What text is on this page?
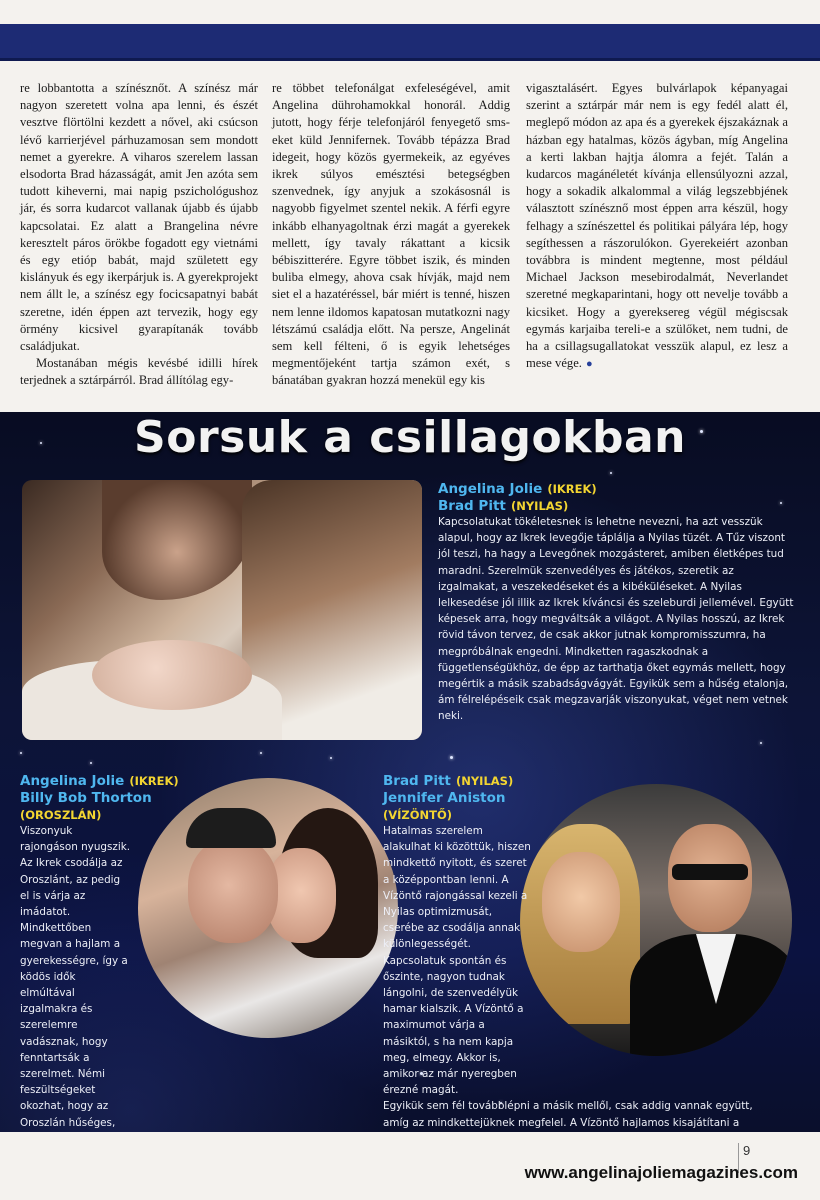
re lobbantotta a színésznőt. A színész már nagyon szeretett volna apa lenni, és észét vesztve flörtölni kezdett a nővel, aki csúcson lévő karrierjével párhuzamosan sem mondott nemet a gyerekre. A viharos szerelem lassan elsodorta Brad házasságát, amit Jen azóta sem tudott kiheverni, mai napig pszichológushoz jár, és sorra kudarcot vallanak újabb és újabb kapcsolatai. Ez alatt a Brangelina névre keresztelt páros örökbe fogadott egy vietnámi és egy etióp babát, majd született egy kislányuk és egy ikerpárjuk is. A gyerekprojekt nem állt le, a színész egy focicsapatnyi babát szeretne, idén éppen azt tervezik, hogy egy örmény kicsivel gyarapítanák tovább családjukat.

Mostanában mégis kevésbé idilli hírek terjednek a sztárpárról. Brad állítólag egy-

re többet telefonálgat exfeleségével, amit Angelina dührohamokkal honorál. Addig jutott, hogy férje telefonjáról fenyegető sms-eket küld Jennifernek. Tovább tépázza Brad idegeit, hogy közös gyermekeik, az egyéves ikrek súlyos emésztési betegségben szenvednek, így anyjuk a szokásosnál is nagyobb figyelmet szentel nekik. A férfi egyre inkább elhanyagoltnak érzi magát a gyerekek mellett, így tavaly rákattant a kicsik bébiszitterére. Egyre többet iszik, és minden buliba elmegy, ahova csak hívják, majd nem siet el a hazatéréssel, bár miért is tenné, hiszen nem lenne ildomos kapatosan mutatkozni nagy létszámú családja előtt. Na persze, Angelinát sem kell félteni, ő is egyik lehetséges megmentőjeként tartja számon exét, s bánatában gyakran hozzá menekül egy kis

vigasztalásért. Egyes bulvárlapok képanyagai szerint a sztárpár már nem is egy fedél alatt él, meglepő módon az apa és a gyerekek éjszakáznak a házban egy hatalmas, közös ágyban, míg Angelina a kerti lakban hajtja álomra a fejét. Talán a kudarcos magánéletét kívánja ellensúlyozni azzal, hogy a sokadik alkalommal a világ legszebbjének választott színésznő most éppen arra készül, hogy felhagy a színészettel és politikai pályára lép, hogy segíthessen a rászorulókon. Gyerekeiért azonban továbbra is mindent megtenne, most például Michael Jackson mesebirodalmát, Neverlandet szeretné megkaparintani, hogy ott nevelje tovább a kicsiket. Hogy a gyereksereg végül mégiscsak egymás karjaiba tereli-e a szülőket, nem tudni, de ha a csillagsugallatokat vesszük alapul, ez lesz a mese vége. ●

Sorsuk a csillagokban
Angelina Jolie (IKREK)
Brad Pitt (NYILAS)

Kapcsolatukat tökéletesnek is lehetne nevezni, ha azt vesszük alapul, hogy az Ikrek levegője táplálja a Nyilas tüzét. A Tűz viszont jól teszi, ha hagy a Levegőnek mozgásteret, amiben életképes tud maradni. Szerelmük szenvedélyes és játékos, szeretik az izgalmakat, a veszekedéseket és a kibéküléseket. A Nyilas lelkesedése jól illik az Ikrek kíváncsi és szeleburdi jellemével. Együtt képesek arra, hogy megváltsák a világot. A Nyilas hosszú, az Ikrek rövid távon tervez, de csak akkor jutnak kompromisszumra, ha megpróbálnak engedni. Mindketten ragaszkodnak a függetlenségükhöz, de épp az tarthatja őket egymás mellett, hogy megértik a másik szabadságvágyát. Egyikük sem a hűség etalonja, ám félrelépéseik csak megzavarják viszonyukat, véget nem vetnek neki.

Angelina Jolie (IKREK)
Billy Bob Thorton
(OROSZLÁN)

Viszonyuk rajongáson nyugszik. Az Ikrek csodálja az Oroszlánt, az pedig el is várja az imádatot. Mindkettőben megvan a hajlam a gyerekességre, így a ködös idők elmúltával izgalmakra és szerelemre vadásznak, hogy fenntartsák a szerelmet. Némi feszültségeket okozhat, hogy az Oroszlán hűséges,

Brad Pitt (NYILAS)
Jennifer Aniston
(VÍZÖNTŐ)

Hatalmas szerelem alakulhat ki közöttük, hiszen mindkettő nyitott, és szeret a középpontban lenni. A Vízöntő rajongással kezeli a Nyilas optimizmusát, cserébe az csodálja annak különlegességét. Kapcsolatuk spontán és őszinte, nagyon tudnak lángolni, de szenvedélyük hamar kialszik. A Vízöntő a maximumot várja a másiktól, s ha nem kapja meg, elmegy. Akkor is, amikor az már nyeregben érezné magát.

Egyikük sem fél továbblépni a másik mellől, csak addig vannak együtt, amíg az mindkettejüknek megfelel. A Vízöntő hajlamos kisajátítani a

9
www.angelinajoliemagazines.com
